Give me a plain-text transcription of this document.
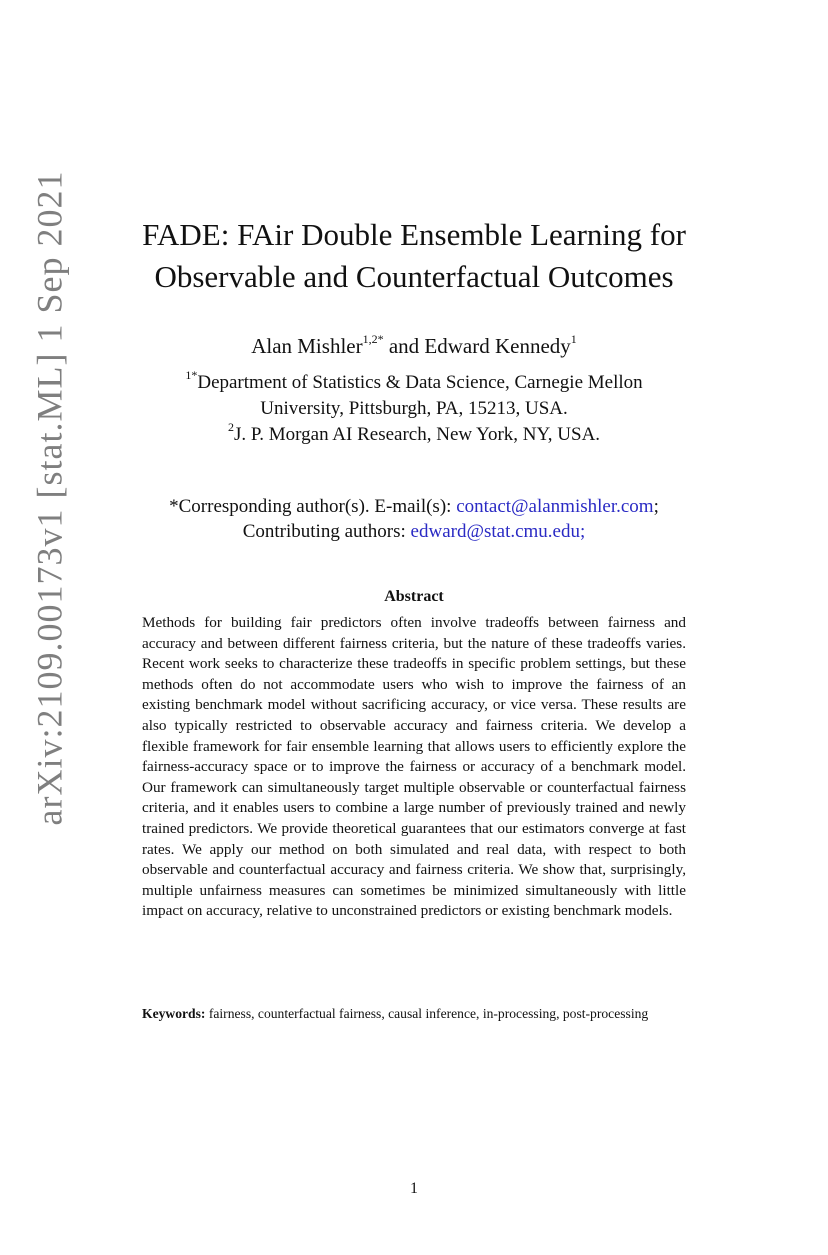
arXiv:2109.00173v1 [stat.ML] 1 Sep 2021	FADE: FAir Double Ensemble Learning for
Observable and Counterfactual Outcomes
Alan Mishler$^{1,2*}$ and Edward Kennedy$^1$
$^{1*}$Department of Statistics & Data Science, Carnegie Mellon
University, Pittsburgh, PA, 15213, USA.
$^2$J. P. Morgan AI Research, New York, NY, USA.
*Corresponding author(s). E-mail(s): contact@alanmishler.com;
Contributing authors: edward@stat.cmu.edu;
Abstract
Methods for building fair predictors often involve tradeoffs between fairness and accuracy and between different fairness criteria, but the nature of these tradeoffs varies. Recent work seeks to characterize these tradeoffs in specific problem settings, but these methods often do not accommodate users who wish to improve the fairness of an existing benchmark model without sacrificing accuracy, or vice versa. These results are also typically restricted to observable accuracy and fairness criteria. We develop a flexible framework for fair ensemble learning that allows users to efficiently explore the fairness-accuracy space or to improve the fairness or accuracy of a benchmark model. Our framework can simultaneously target multiple observable or counterfactual fairness criteria, and it enables users to combine a large number of previously trained and newly trained predictors. We provide theoretical guarantees that our estimators converge at fast rates. We apply our method on both simulated and real data, with respect to both observable and counterfactual accuracy and fairness criteria. We show that, surprisingly, multiple unfairness measures can sometimes be minimized simultaneously with little impact on accuracy, relative to unconstrained predictors or existing benchmark models.
Keywords: fairness, counterfactual fairness, causal inference, in-processing, post-processing
1
